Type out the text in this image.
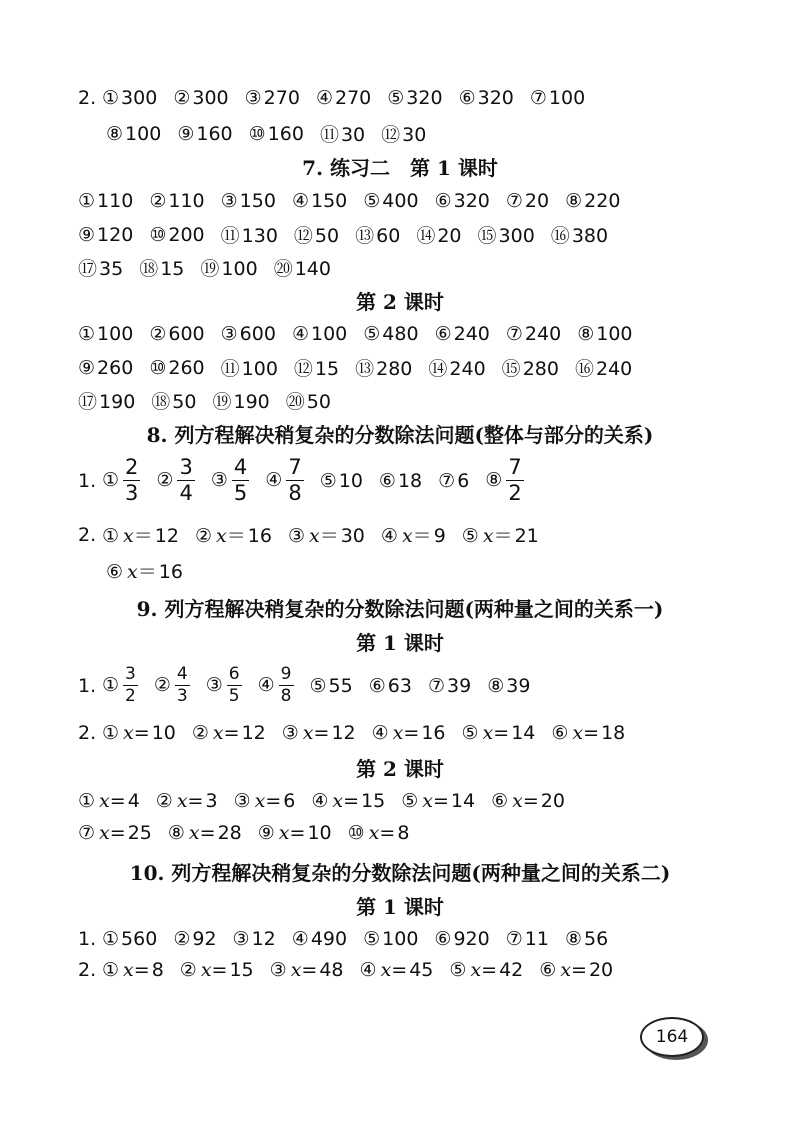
2. ① 300 ② 300 ③ 270 ④ 270 ⑤ 320 ⑥ 320 ⑦ 100
⑧ 100 ⑨ 160 ⑩ 160 ⑪ 30 ⑫ 30
7. 练习二　第 1 课时
① 110 ② 110 ③ 150 ④ 150 ⑤ 400 ⑥ 320 ⑦ 20 ⑧ 220
⑨ 120 ⑩ 200 ⑪ 130 ⑫ 50 ⑬ 60 ⑭ 20 ⑮ 300 ⑯ 380
⑰ 35 ⑱ 15 ⑲ 100 ⑳ 140
第 2 课时
① 100 ② 600 ③ 600 ④ 100 ⑤ 480 ⑥ 240 ⑦ 240 ⑧ 100
⑨ 260 ⑩ 260 ⑪ 100 ⑫ 15 ⑬ 280 ⑭ 240 ⑮ 280 ⑯ 240
⑰ 190 ⑱ 50 ⑲ 190 ⑳ 50
8. 列方程解决稍复杂的分数除法问题(整体与部分的关系)
1. ① $\frac{2}{3}$ ② $\frac{3}{4}$ ③ $\frac{4}{5}$ ④ $\frac{7}{8}$ ⑤ 10 ⑥ 18 ⑦ 6 ⑧ $\frac{7}{2}$
2. ① x＝ 12 ② x＝ 16 ③ x＝ 30 ④ x＝ 9 ⑤ x＝ 21
⑥ x＝ 16
9. 列方程解决稍复杂的分数除法问题(两种量之间的关系一)
第 1 课时
1. ① $\frac{3}{2}$ ② $\frac{4}{3}$ ③ $\frac{6}{5}$ ④ $\frac{9}{8}$ ⑤ 55 ⑥ 63 ⑦ 39 ⑧ 39
2. ① x= 10 ② x= 12 ③ x= 12 ④ x= 16 ⑤ x= 14 ⑥ x= 18
第 2 课时
① x= 4 ② x= 3 ③ x= 6 ④ x= 15 ⑤ x= 14 ⑥ x= 20
⑦ x= 25 ⑧ x= 28 ⑨ x= 10 ⑩ x= 8
10. 列方程解决稍复杂的分数除法问题(两种量之间的关系二)
第 1 课时
1. ① 560 ② 92 ③ 12 ④ 490 ⑤ 100 ⑥ 920 ⑦ 11 ⑧ 56
2. ① x= 8 ② x= 15 ③ x= 48 ④ x= 45 ⑤ x= 42 ⑥ x= 20
164
